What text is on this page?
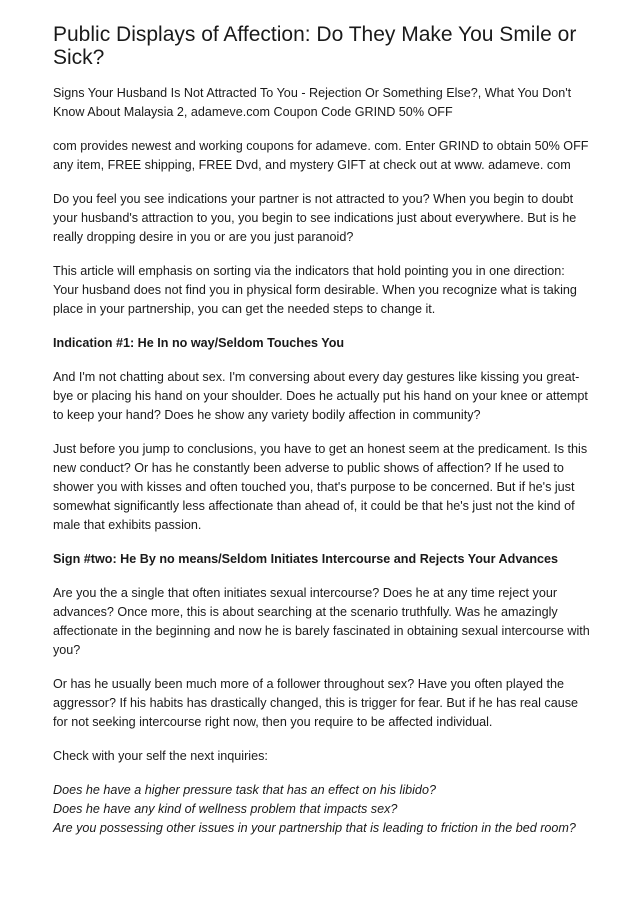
Public Displays of Affection: Do They Make You Smile or Sick?

Signs Your Husband Is Not Attracted To You - Rejection Or Something Else?, What You Don't Know About Malaysia 2, adameve.com Coupon Code GRIND 50% OFF

com provides newest and working coupons for adameve. com. Enter GRIND to obtain 50% OFF any item, FREE shipping, FREE Dvd, and mystery GIFT at check out at www. adameve. com

Do you feel you see indications your partner is not attracted to you? When you begin to doubt your husband's attraction to you, you begin to see indications just about everywhere. But is he really dropping desire in you or are you just paranoid?

This article will emphasis on sorting via the indicators that hold pointing you in one direction: Your husband does not find you in physical form desirable. When you recognize what is taking place in your partnership, you can get the needed steps to change it.

Indication #1: He In no way/Seldom Touches You

And I'm not chatting about sex. I'm conversing about every day gestures like kissing you great-bye or placing his hand on your shoulder. Does he actually put his hand on your knee or attempt to keep your hand? Does he show any variety bodily affection in community?

Just before you jump to conclusions, you have to get an honest seem at the predicament. Is this new conduct? Or has he constantly been adverse to public shows of affection? If he used to shower you with kisses and often touched you, that's purpose to be concerned. But if he's just somewhat significantly less affectionate than ahead of, it could be that he's just not the kind of male that exhibits passion.

Sign #two: He By no means/Seldom Initiates Intercourse and Rejects Your Advances

Are you the a single that often initiates sexual intercourse? Does he at any time reject your advances? Once more, this is about searching at the scenario truthfully. Was he amazingly affectionate in the beginning and now he is barely fascinated in obtaining sexual intercourse with you?

Or has he usually been much more of a follower throughout sex? Have you often played the aggressor? If his habits has drastically changed, this is trigger for fear. But if he has real cause for not seeking intercourse right now, then you require to be affected individual.

Check with your self the next inquiries:

Does he have a higher pressure task that has an effect on his libido?
Does he have any kind of wellness problem that impacts sex?
Are you possessing other issues in your partnership that is leading to friction in the bed room?
